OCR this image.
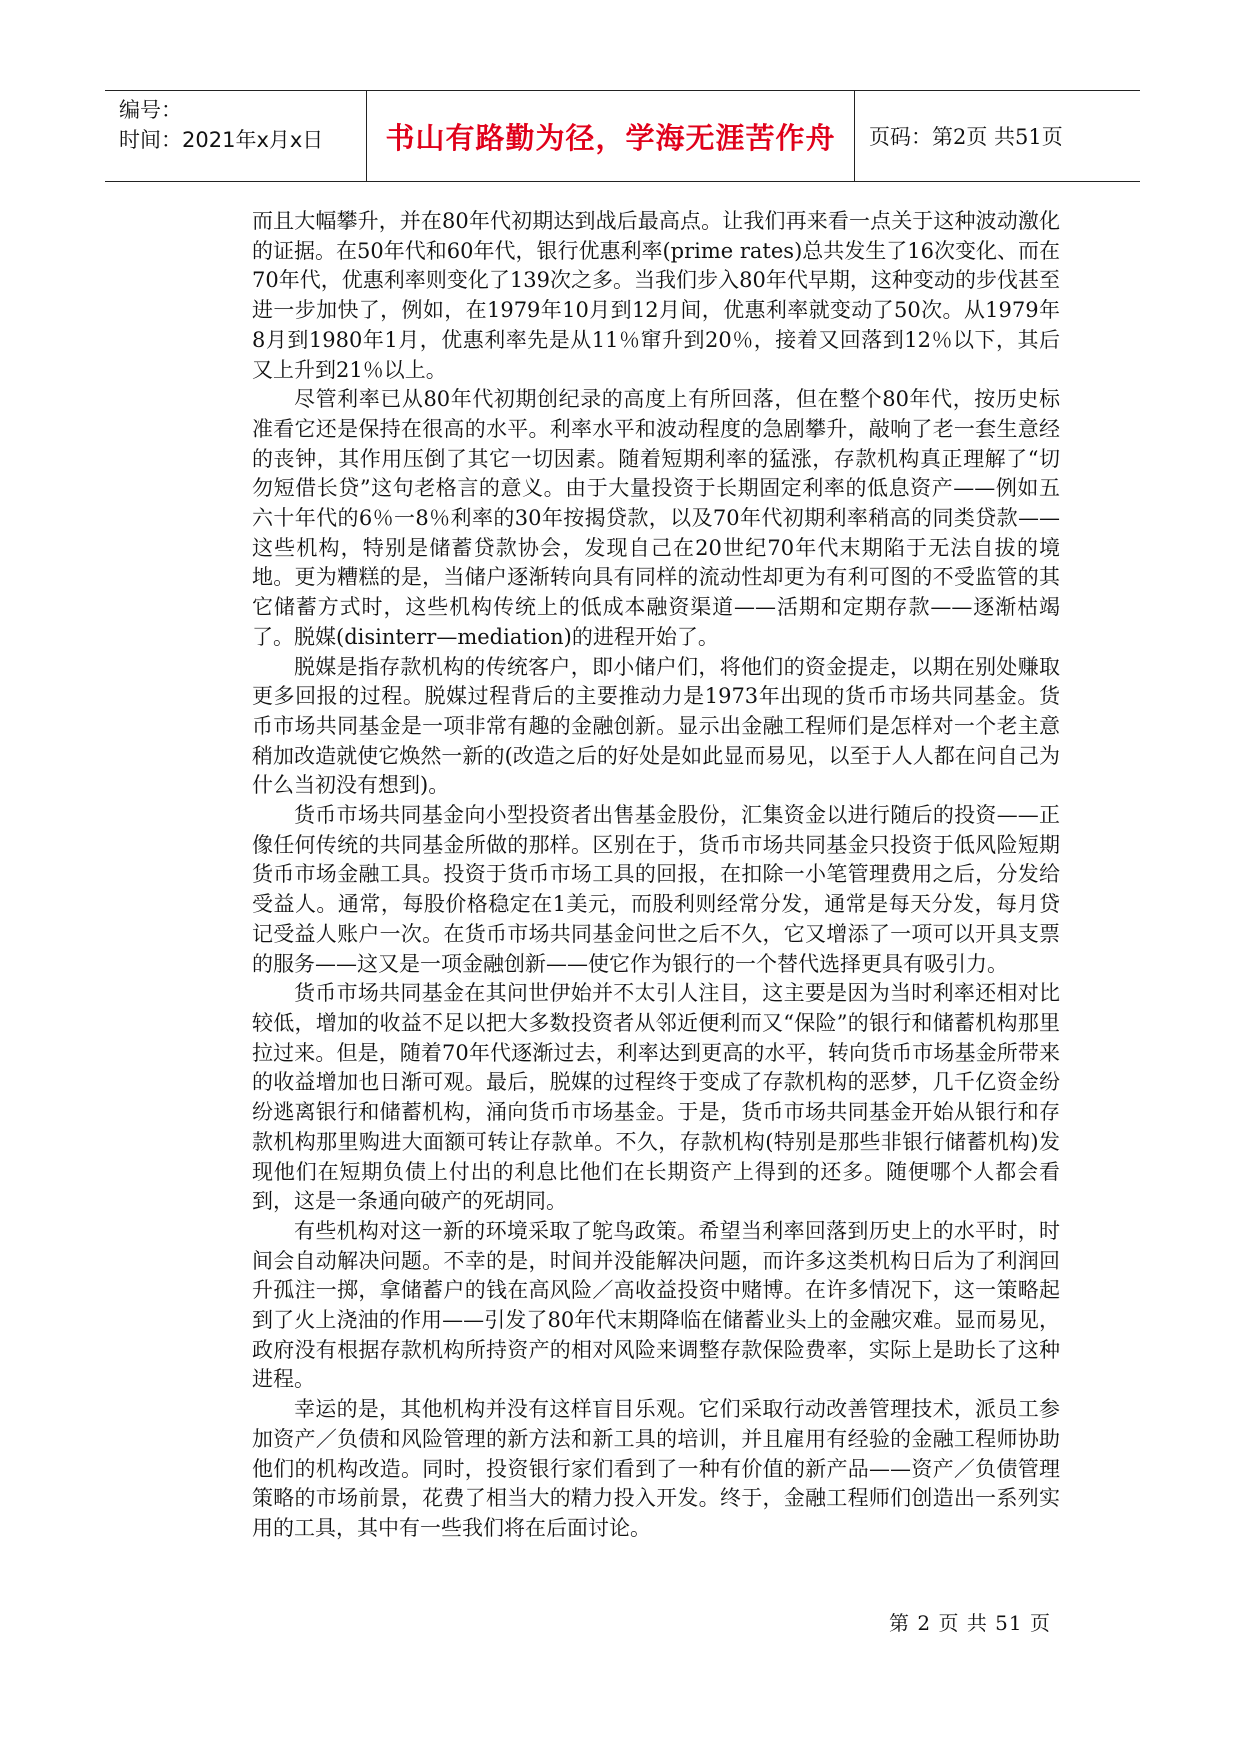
编号：
时间：2021年x月x日	书山有路勤为径，学海无涯苦作舟	页码：第2页 共51页

而且大幅攀升，并在80年代初期达到战后最高点。让我们再来看一点关于这种波动激化的证据。在50年代和60年代，银行优惠利率(prime rates)总共发生了16次变化、而在70年代，优惠利率则变化了139次之多。当我们步入80年代早期，这种变动的步伐甚至进一步加快了，例如，在1979年10月到12月间，优惠利率就变动了50次。从1979年8月到1980年1月，优惠利率先是从11％窜升到20％，接着又回落到12％以下，其后又上升到21％以上。

尽管利率已从80年代初期创纪录的高度上有所回落，但在整个80年代，按历史标准看它还是保持在很高的水平。利率水平和波动程度的急剧攀升，敲响了老一套生意经的丧钟，其作用压倒了其它一切因素。随着短期利率的猛涨，存款机构真正理解了“切勿短借长贷”这句老格言的意义。由于大量投资于长期固定利率的低息资产——例如五六十年代的6％一8％利率的30年按揭贷款，以及70年代初期利率稍高的同类贷款——这些机构，特别是储蓄贷款协会，发现自己在20世纪70年代末期陷于无法自拔的境地。更为糟糕的是，当储户逐渐转向具有同样的流动性却更为有利可图的不受监管的其它储蓄方式时，这些机构传统上的低成本融资渠道——活期和定期存款——逐渐枯竭了。脱媒(disinterr—mediation)的进程开始了。

脱媒是指存款机构的传统客户，即小储户们，将他们的资金提走，以期在别处赚取更多回报的过程。脱媒过程背后的主要推动力是1973年出现的货币市场共同基金。货币市场共同基金是一项非常有趣的金融创新。显示出金融工程师们是怎样对一个老主意稍加改造就使它焕然一新的(改造之后的好处是如此显而易见，以至于人人都在问自己为什么当初没有想到)。

货币市场共同基金向小型投资者出售基金股份，汇集资金以进行随后的投资——正像任何传统的共同基金所做的那样。区别在于，货币市场共同基金只投资于低风险短期货币市场金融工具。投资于货币市场工具的回报，在扣除一小笔管理费用之后，分发给受益人。通常，每股价格稳定在1美元，而股利则经常分发，通常是每天分发，每月贷记受益人账户一次。在货币市场共同基金问世之后不久，它又增添了一项可以开具支票的服务——这又是一项金融创新——使它作为银行的一个替代选择更具有吸引力。

货币市场共同基金在其问世伊始并不太引人注目，这主要是因为当时利率还相对比较低，增加的收益不足以把大多数投资者从邻近便利而又“保险”的银行和储蓄机构那里拉过来。但是，随着70年代逐渐过去，利率达到更高的水平，转向货币市场基金所带来的收益增加也日渐可观。最后，脱媒的过程终于变成了存款机构的恶梦，几千亿资金纷纷逃离银行和储蓄机构，涌向货币市场基金。于是，货币市场共同基金开始从银行和存款机构那里购进大面额可转让存款单。不久，存款机构(特别是那些非银行储蓄机构)发现他们在短期负债上付出的利息比他们在长期资产上得到的还多。随便哪个人都会看到，这是一条通向破产的死胡同。

有些机构对这一新的环境采取了鸵鸟政策。希望当利率回落到历史上的水平时，时间会自动解决问题。不幸的是，时间并没能解决问题，而许多这类机构日后为了利润回升孤注一掷，拿储蓄户的钱在高风险／高收益投资中赌博。在许多情况下，这一策略起到了火上浇油的作用——引发了80年代末期降临在储蓄业头上的金融灾难。显而易见，政府没有根据存款机构所持资产的相对风险来调整存款保险费率，实际上是助长了这种进程。

幸运的是，其他机构并没有这样盲目乐观。它们采取行动改善管理技术，派员工参加资产／负债和风险管理的新方法和新工具的培训，并且雇用有经验的金融工程师协助他们的机构改造。同时，投资银行家们看到了一种有价值的新产品——资产／负债管理策略的市场前景，花费了相当大的精力投入开发。终于，金融工程师们创造出一系列实用的工具，其中有一些我们将在后面讨论。

第 2 页 共 51 页
